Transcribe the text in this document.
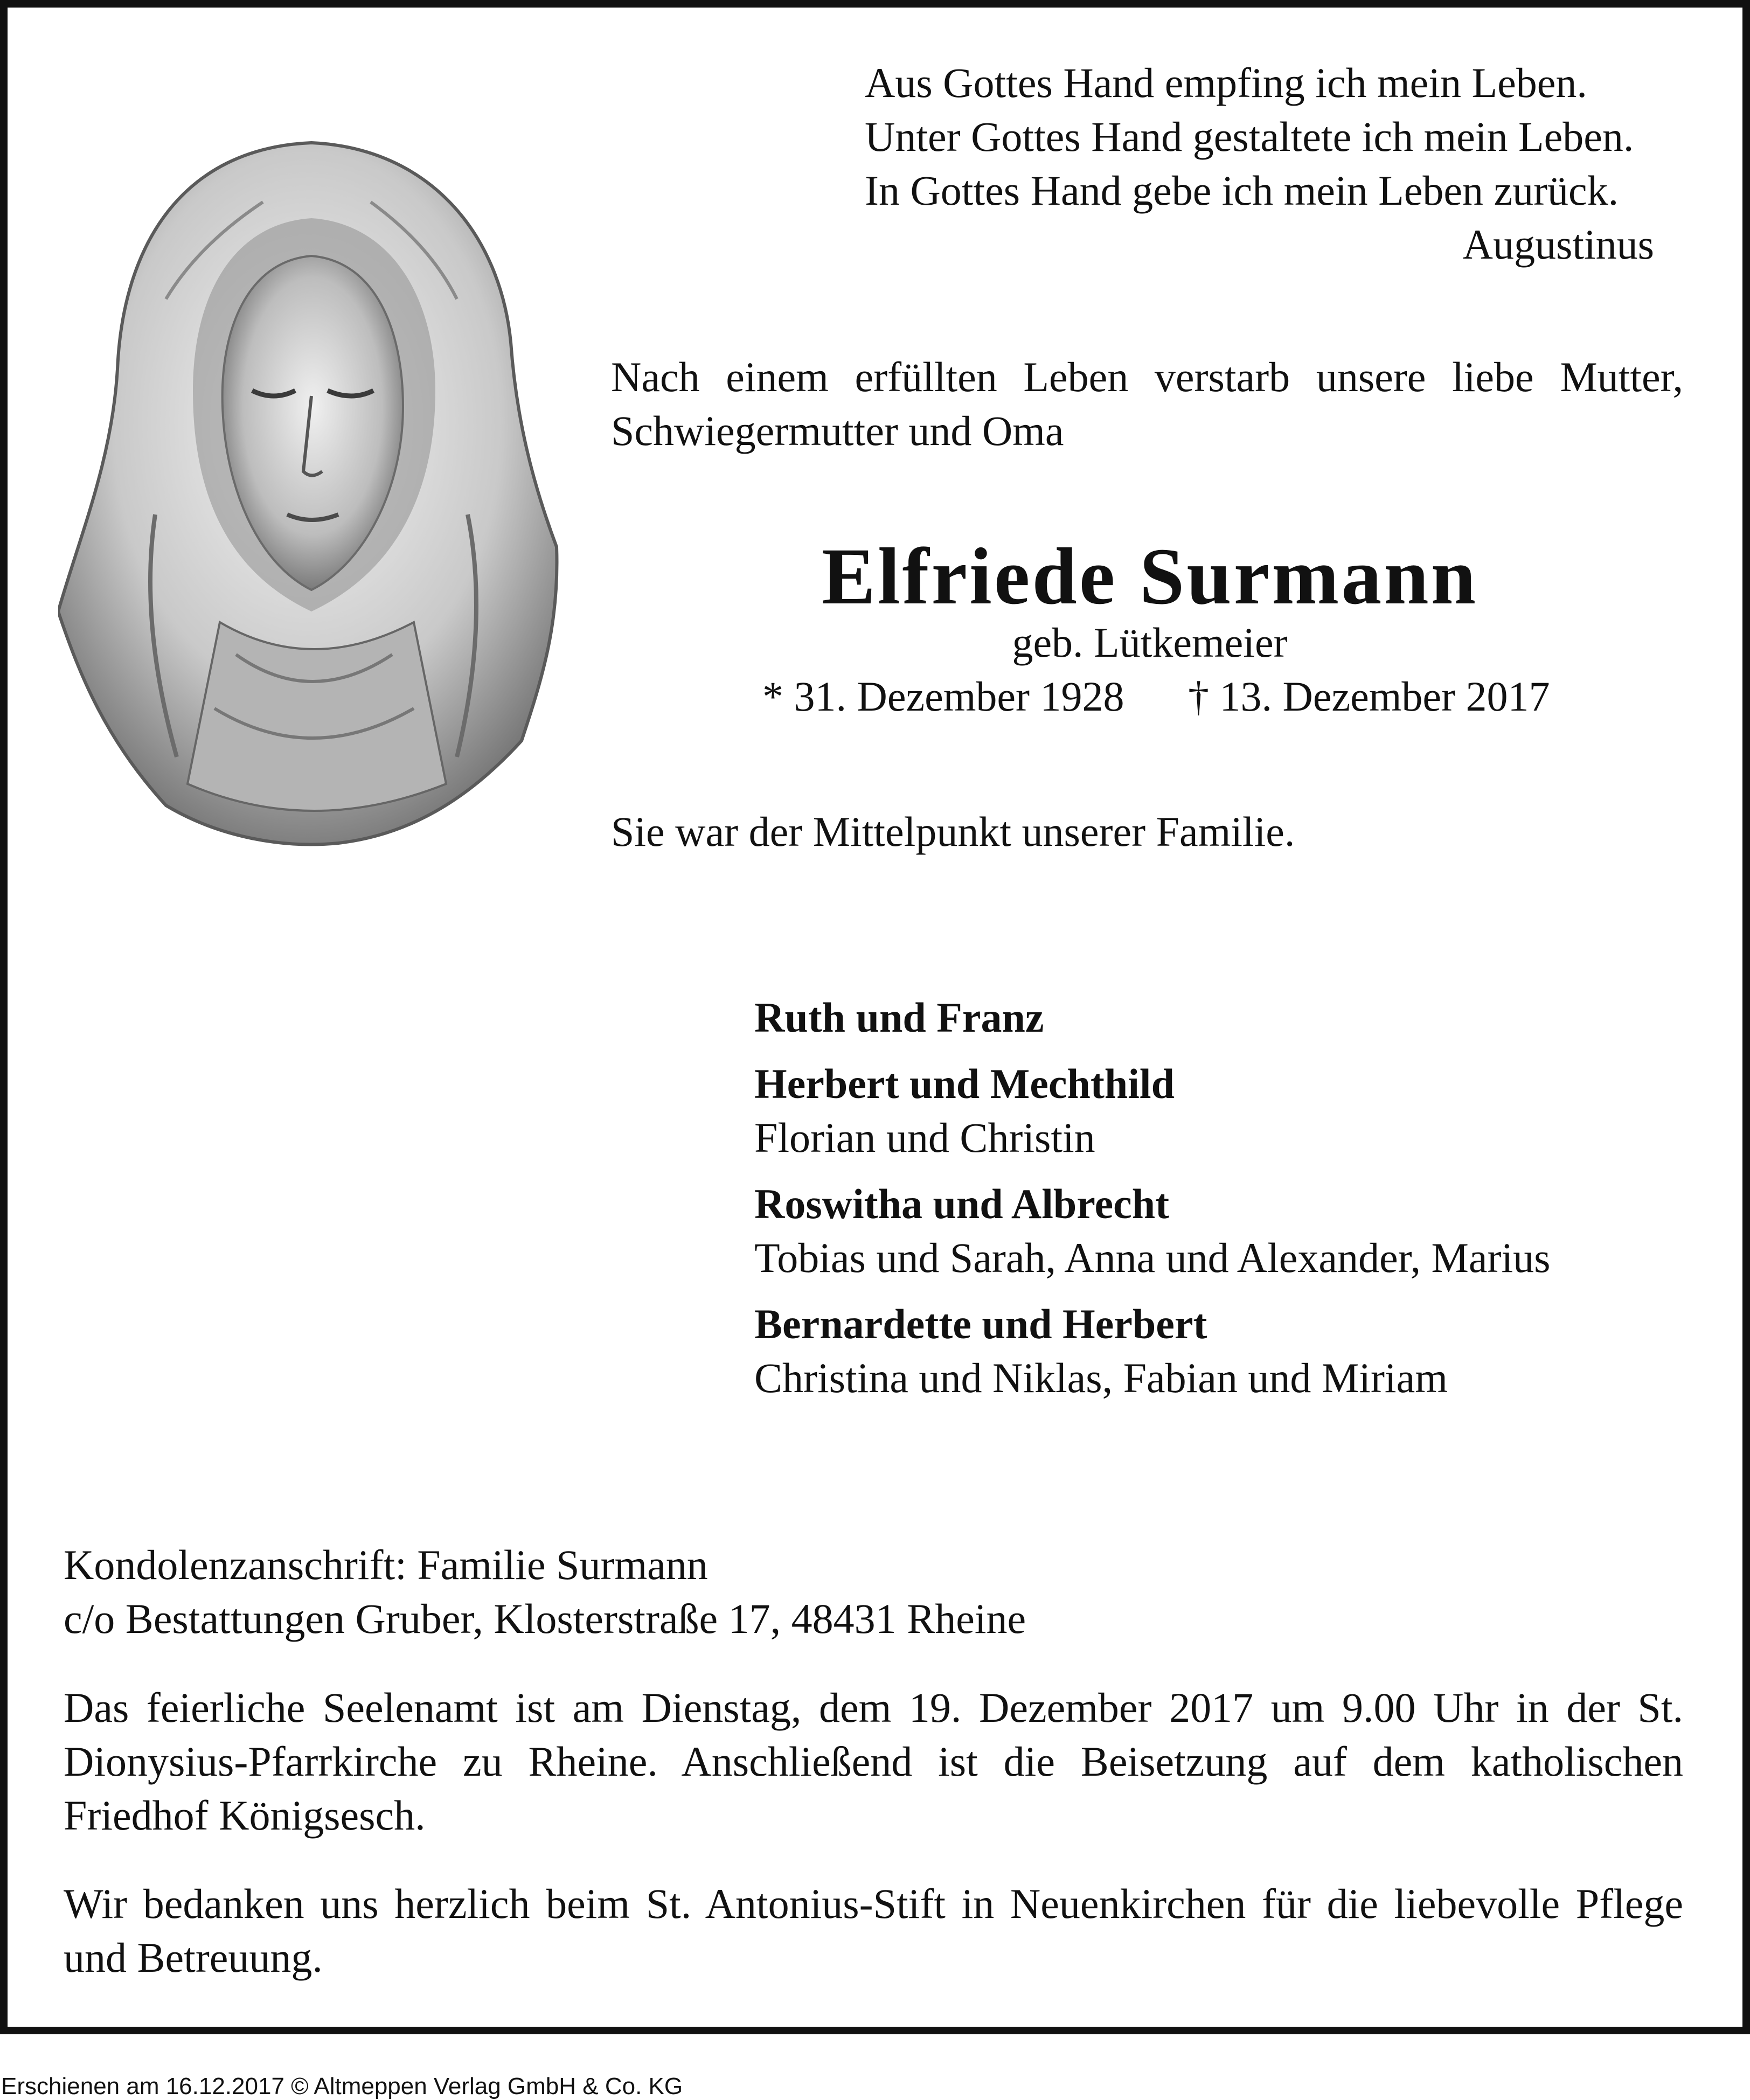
Aus Gottes Hand empfing ich mein Leben.
Unter Gottes Hand gestaltete ich mein Leben.
In Gottes Hand gebe ich mein Leben zurück.
Augustinus
Nach einem erfüllten Leben verstarb unsere liebe Mutter,
Schwiegermutter und Oma
Elfriede Surmann
geb. Lütkemeier
* 31. Dezember 1928 † 13. Dezember 2017
Sie war der Mittelpunkt unserer Familie.
Ruth und Franz
Herbert und Mechthild
Florian und Christin
Roswitha und Albrecht
Tobias und Sarah, Anna und Alexander, Marius
Bernardette und Herbert
Christina und Niklas, Fabian und Miriam
Kondolenzanschrift: Familie Surmann
c/o Bestattungen Gruber, Klosterstraße 17, 48431 Rheine
Das feierliche Seelenamt ist am Dienstag, dem 19. Dezember 2017 um 9.00 Uhr in der St. Dionysius-Pfarrkirche zu Rheine. Anschließend ist die Beisetzung auf dem katholischen Friedhof Königsesch.
Wir bedanken uns herzlich beim St. Antonius-Stift in Neuenkirchen für die liebevolle Pflege und Betreuung.
Erschienen am 16.12.2017 © Altmeppen Verlag GmbH & Co. KG
